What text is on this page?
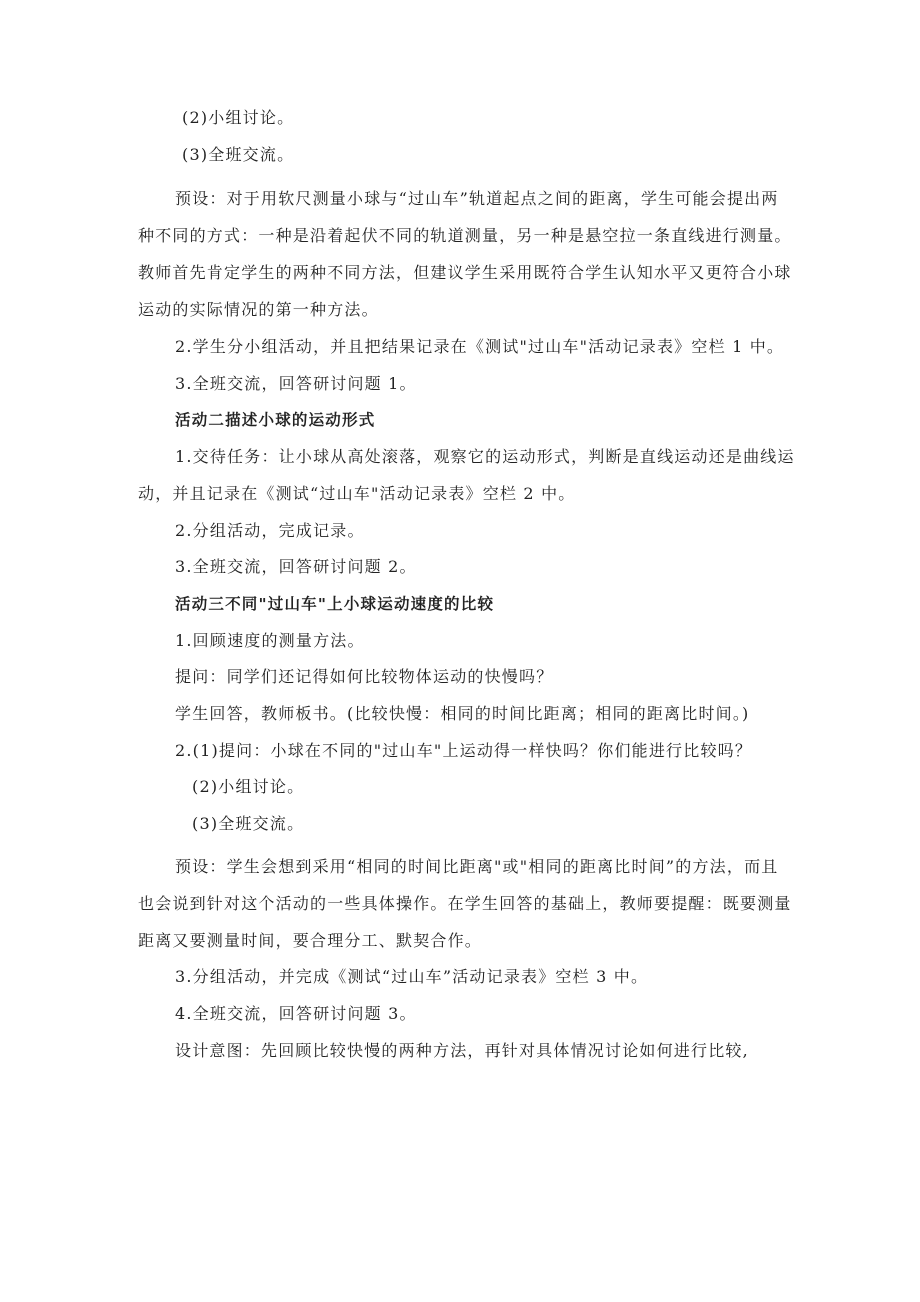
(2)小组讨论。
(3)全班交流。
预设：对于用软尺测量小球与“过山车”轨道起点之间的距离，学生可能会提出两
种不同的方式：一种是沿着起伏不同的轨道测量，另一种是悬空拉一条直线进行测量。
教师首先肯定学生的两种不同方法，但建议学生采用既符合学生认知水平又更符合小球
运动的实际情况的第一种方法。
2.学生分小组活动，并且把结果记录在《测试"过山车"活动记录表》空栏 1 中。
3.全班交流，回答研讨问题 1。
活动二描述小球的运动形式
1.交待任务：让小球从高处滚落，观察它的运动形式，判断是直线运动还是曲线运
动，并且记录在《测试“过山车"活动记录表》空栏 2 中。
2.分组活动，完成记录。
3.全班交流，回答研讨问题 2。
活动三不同"过山车"上小球运动速度的比较
1.回顾速度的测量方法。
提问：同学们还记得如何比较物体运动的快慢吗？
学生回答，教师板书。(比较快慢：相同的时间比距离；相同的距离比时间。)
2.(1)提问：小球在不同的"过山车"上运动得一样快吗？你们能进行比较吗？
(2)小组讨论。
(3)全班交流。
预设：学生会想到采用“相同的时间比距离"或"相同的距离比时间”的方法，而且
也会说到针对这个活动的一些具体操作。在学生回答的基础上，教师要提醒：既要测量
距离又要测量时间，要合理分工、默契合作。
3.分组活动，并完成《测试“过山车”活动记录表》空栏 3 中。
4.全班交流，回答研讨问题 3。
设计意图：先回顾比较快慢的两种方法，再针对具体情况讨论如何进行比较,
